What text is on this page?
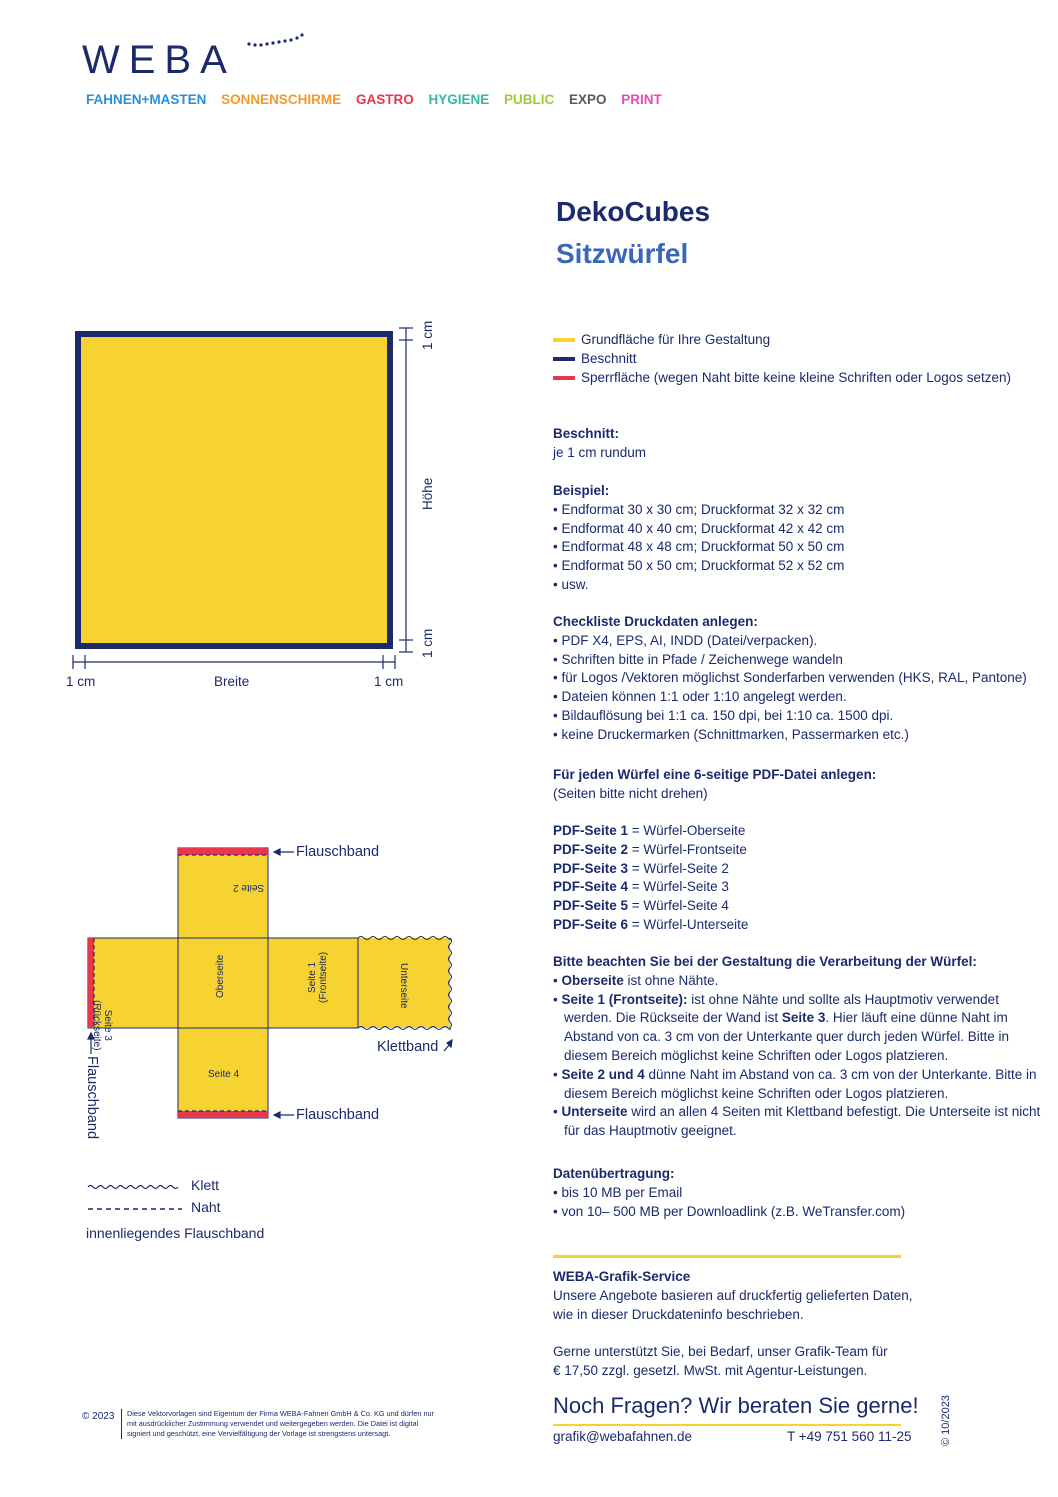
WEBA
FAHNEN+MASTEN SONNENSCHIRME GASTRO HYGIENE PUBLIC EXPO PRINT
DekoCubes
Sitzwürfel
Grundfläche für Ihre Gestaltung
Beschnitt
Sperrfläche (wegen Naht bitte keine kleine Schriften oder Logos setzen)
1 cm
Höhe
1 cm
1 cm	Breite	1 cm
Seite 2
Seite 3
(Rückseite)
Oberseite	Seite 1 (Frontseite)	Unterseite
Seite 4
Flauschband
Flauschband
Flauschband
Klettband
Klett
Naht
innenliegendes Flauschband
Beschnitt:
je 1 cm rundum
Beispiel:
• Endformat 30 x 30 cm; Druckformat 32 x 32 cm
• Endformat 40 x 40 cm; Druckformat 42 x 42 cm
• Endformat 48 x 48 cm; Druckformat 50 x 50 cm
• Endformat 50 x 50 cm; Druckformat 52 x 52 cm
• usw.
Checkliste Druckdaten anlegen:
• PDF X4, EPS, AI, INDD (Datei/verpacken).
• Schriften bitte in Pfade / Zeichenwege wandeln
• für Logos /Vektoren möglichst Sonderfarben verwenden (HKS, RAL, Pantone)
• Dateien können 1:1 oder 1:10 angelegt werden.
• Bildauflösung bei 1:1 ca. 150 dpi, bei 1:10 ca. 1500 dpi.
• keine Druckermarken (Schnittmarken, Passermarken etc.)
Für jeden Würfel eine 6-seitige PDF-Datei anlegen:
(Seiten bitte nicht drehen)
PDF-Seite 1 = Würfel-Oberseite
PDF-Seite 2 = Würfel-Frontseite
PDF-Seite 3 = Würfel-Seite 2
PDF-Seite 4 = Würfel-Seite 3
PDF-Seite 5 = Würfel-Seite 4
PDF-Seite 6 = Würfel-Unterseite
Bitte beachten Sie bei der Gestaltung die Verarbeitung der Würfel:
• Oberseite ist ohne Nähte.
• Seite 1 (Frontseite): ist ohne Nähte und sollte als Hauptmotiv verwendet werden. Die Rückseite der Wand ist Seite 3. Hier läuft eine dünne Naht im Abstand von ca. 3 cm von der Unterkante quer durch jeden Würfel. Bitte in diesem Bereich möglichst keine Schriften oder Logos platzieren.
• Seite 2 und 4 dünne Naht im Abstand von ca. 3 cm von der Unterkante. Bitte in diesem Bereich möglichst keine Schriften oder Logos platzieren.
• Unterseite wird an allen 4 Seiten mit Klettband befestigt. Die Unterseite ist nicht für das Hauptmotiv geeignet.
Datenübertragung:
• bis 10 MB per Email
• von 10– 500 MB per Downloadlink (z.B. WeTransfer.com)
WEBA-Grafik-Service
Unsere Angebote basieren auf druckfertig gelieferten Daten,
wie in dieser Druckdateninfo beschrieben.
Gerne unterstützt Sie, bei Bedarf, unser Grafik-Team für
€ 17,50 zzgl. gesetzl. MwSt. mit Agentur-Leistungen.
Noch Fragen? Wir beraten Sie gerne!
grafik@webafahnen.de	T +49 751 560 11-25	© 10/2023
© 2023	Diese Vektorvorlagen sind Eigentum der Firma WEBA-Fahnen GmbH & Co. KG und dürfen nur mit ausdrücklicher Zustimmung verwendet und weitergegeben werden. Die Datei ist digital signiert und geschützt, eine Vervielfältigung der Vorlage ist strengstens untersagt.
